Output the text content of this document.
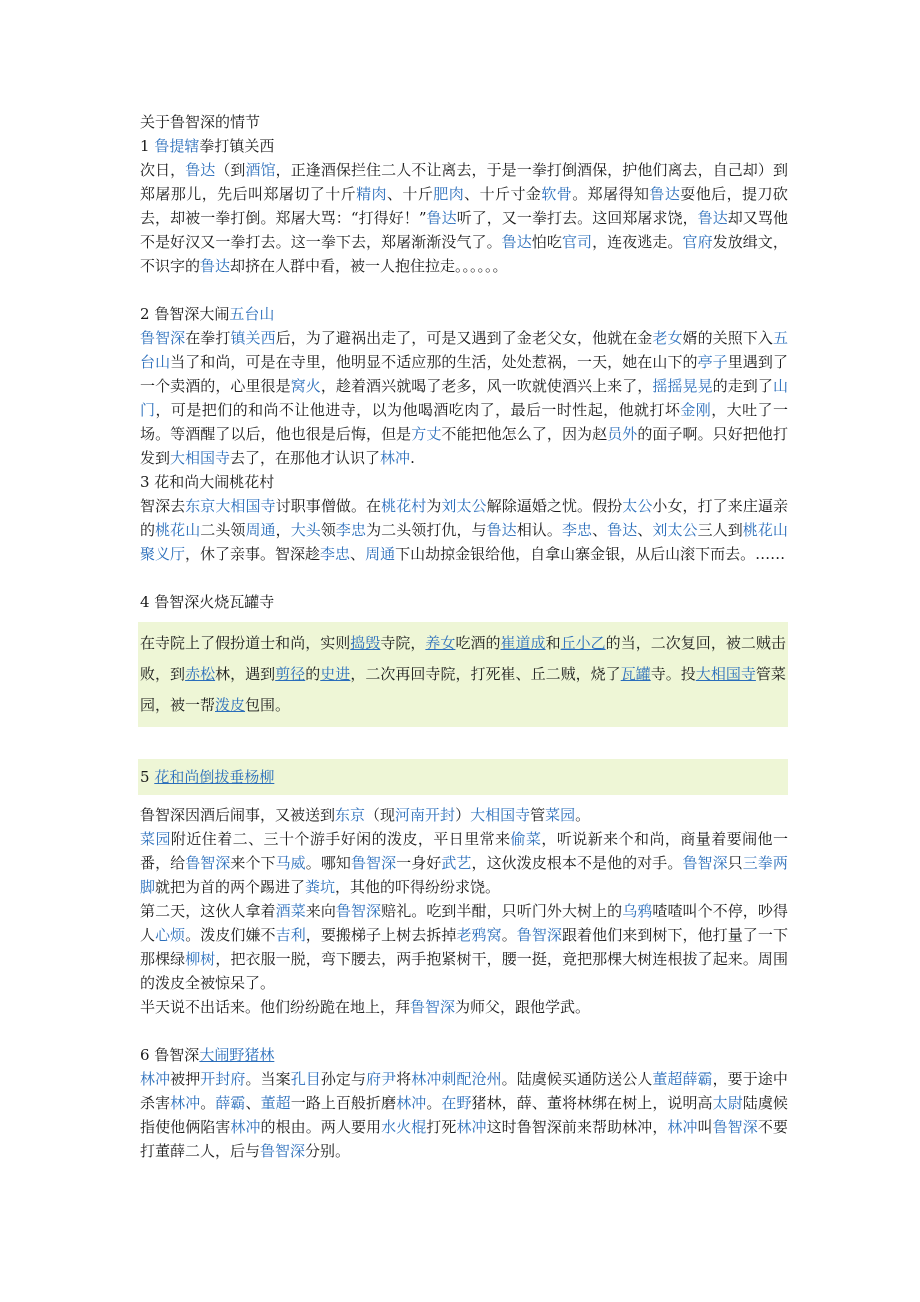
关于鲁智深的情节

1 鲁提辖拳打镇关西

次日，鲁达（到酒馆，正逢酒保拦住二人不让离去，于是一拳打倒酒保，护他们离去，自己却）到郑屠那儿，先后叫郑屠切了十斤精肉、十斤肥肉、十斤寸金软骨。郑屠得知鲁达耍他后，提刀砍去，却被一拳打倒。郑屠大骂：“打得好！”鲁达听了，又一拳打去。这回郑屠求饶，鲁达却又骂他不是好汉又一拳打去。这一拳下去，郑屠渐渐没气了。鲁达怕吃官司，连夜逃走。官府发放缉文，不识字的鲁达却挤在人群中看，被一人抱住拉走。。。。。。

2 鲁智深大闹五台山

鲁智深在拳打镇关西后，为了避祸出走了，可是又遇到了金老父女，他就在金老女婿的关照下入五台山当了和尚，可是在寺里，他明显不适应那的生活，处处惹祸，一天，她在山下的亭子里遇到了一个卖酒的，心里很是窝火，趁着酒兴就喝了老多，风一吹就使酒兴上来了，摇摇晃晃的走到了山门，可是把们的和尚不让他进寺，以为他喝酒吃肉了，最后一时性起，他就打坏金刚，大吐了一场。等酒醒了以后，他也很是后悔，但是方丈不能把他怎么了，因为赵员外的面子啊。只好把他打发到大相国寺去了，在那他才认识了林冲.

3 花和尚大闹桃花村

智深去东京大相国寺讨职事僧做。在桃花村为刘太公解除逼婚之忧。假扮太公小女，打了来庄逼亲的桃花山二头领周通，大头领李忠为二头领打仇，与鲁达相认。李忠、鲁达、刘太公三人到桃花山聚义厅，休了亲事。智深趁李忠、周通下山劫掠金银给他，自拿山寨金银，从后山滚下而去。……

4 鲁智深火烧瓦罐寺

在寺院上了假扮道士和尚，实则捣毁寺院，养女吃酒的崔道成和丘小乙的当，二次复回，被二贼击败，到赤松林，遇到剪径的史进，二次再回寺院，打死崔、丘二贼，烧了瓦罐寺。投大相国寺管菜园，被一帮泼皮包围。

5 花和尚倒拔垂杨柳

鲁智深因酒后闹事，又被送到东京（现河南开封）大相国寺管菜园。

菜园附近住着二、三十个游手好闲的泼皮，平日里常来偷菜，听说新来个和尚，商量着要闹他一番，给鲁智深来个下马威。哪知鲁智深一身好武艺，这伙泼皮根本不是他的对手。鲁智深只三拳两脚就把为首的两个踢进了粪坑，其他的吓得纷纷求饶。

第二天，这伙人拿着酒菜来向鲁智深赔礼。吃到半酣，只听门外大树上的乌鸦喳喳叫个不停，吵得人心烦。泼皮们嫌不吉利，要搬梯子上树去拆掉老鸦窝。鲁智深跟着他们来到树下，他打量了一下那棵绿柳树，把衣服一脱，弯下腰去，两手抱紧树干，腰一挺，竟把那棵大树连根拔了起来。周围的泼皮全被惊呆了。

半天说不出话来。他们纷纷跪在地上，拜鲁智深为师父，跟他学武。

6 鲁智深大闹野猪林

林冲被押开封府。当案孔目孙定与府尹将林冲刺配沧州。陆虞候买通防送公人董超薛霸，要于途中杀害林冲。薛霸、董超一路上百般折磨林冲。在野猪林，薛、董将林绑在树上，说明高太尉陆虞候指使他俩陷害林冲的根由。两人要用水火棍打死林冲这时鲁智深前来帮助林冲，林冲叫鲁智深不要打董薛二人，后与鲁智深分别。
